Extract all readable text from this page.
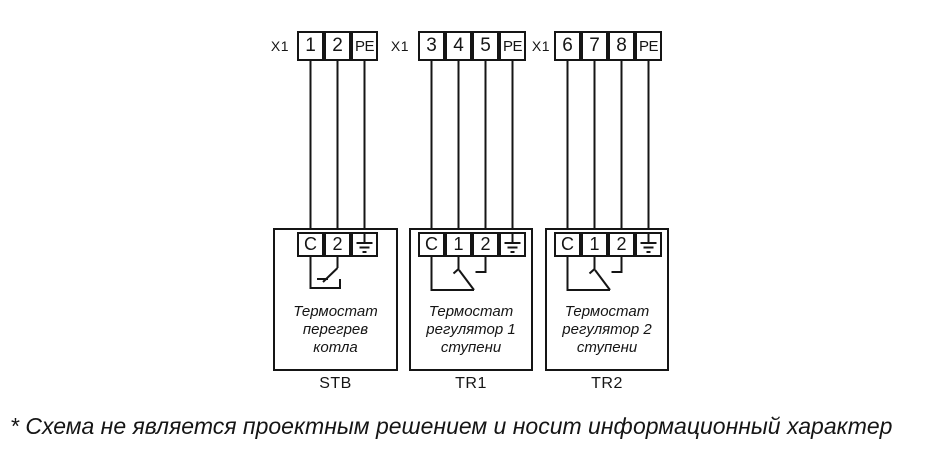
X1 1 2 PE
C 2
Термостат
перегрев
котла
STB
X1 3 4 5 PE
C 1 2
Термостат
регулятор 1
ступени
TR1
X1 6 7 8 PE
C 1 2
Термостат
регулятор 2
ступени
TR2
* Схема не является проектным решением и носит информационный характер
